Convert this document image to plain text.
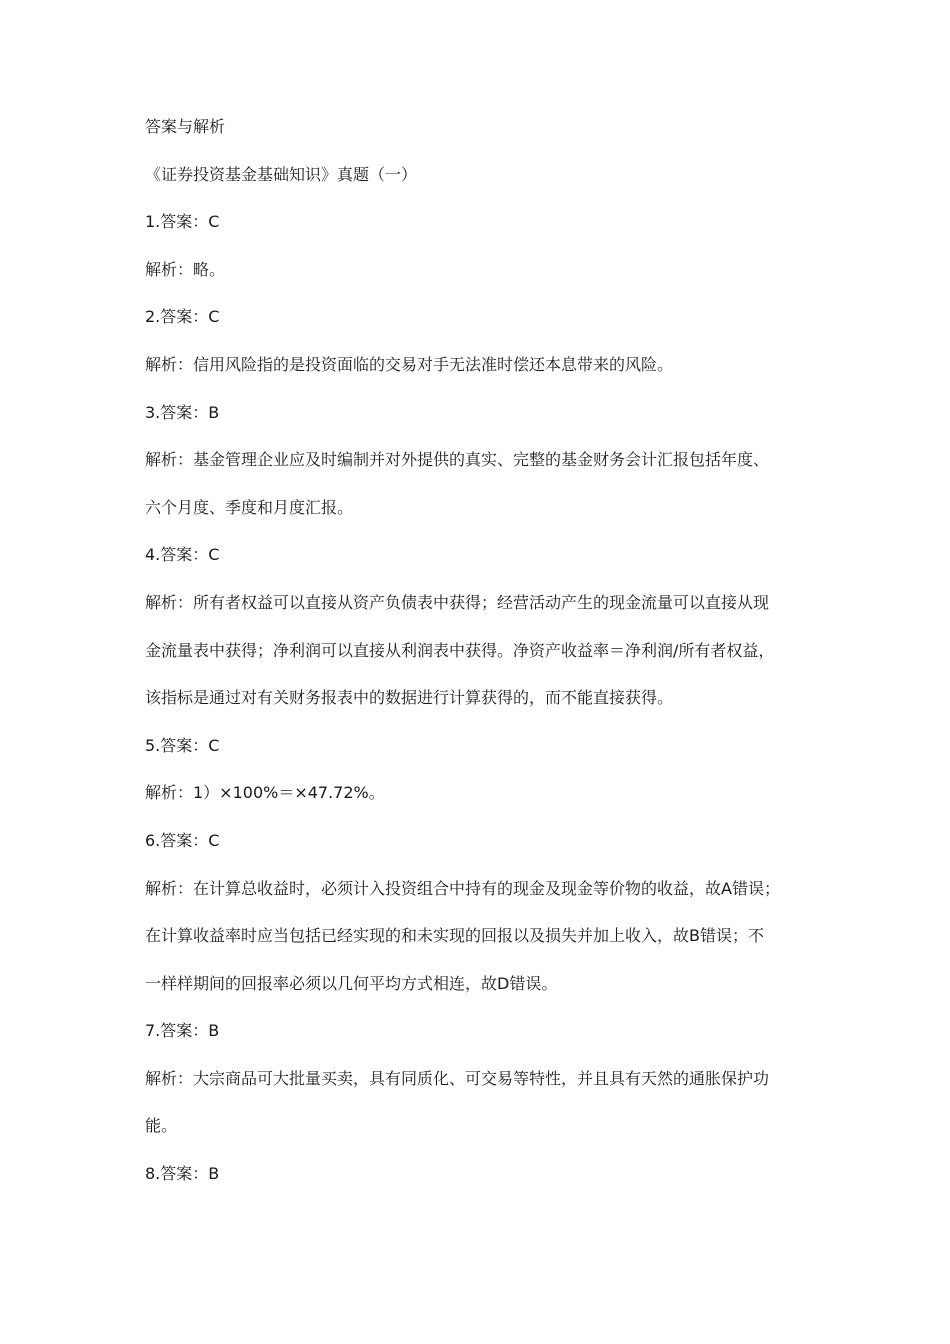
答案与解析
《证券投资基金基础知识》真题（一）
1.答案：C
解析：略。
2.答案：C
解析：信用风险指的是投资面临的交易对手无法准时偿还本息带来的风险。
3.答案：B
解析：基金管理企业应及时编制并对外提供的真实、完整的基金财务会计汇报包括年度、
六个月度、季度和月度汇报。
4.答案：C
解析：所有者权益可以直接从资产负债表中获得；经营活动产生的现金流量可以直接从现
金流量表中获得；净利润可以直接从利润表中获得。净资产收益率＝净利润/所有者权益，
该指标是通过对有关财务报表中的数据进行计算获得的，而不能直接获得。
5.答案：C
解析：1）×100%＝×47.72%。
6.答案：C
解析：在计算总收益时，必须计入投资组合中持有的现金及现金等价物的收益，故A错误；
在计算收益率时应当包括已经实现的和未实现的回报以及损失并加上收入，故B错误；不
一样样期间的回报率必须以几何平均方式相连，故D错误。
7.答案：B
解析：大宗商品可大批量买卖，具有同质化、可交易等特性，并且具有天然的通胀保护功
能。
8.答案：B
